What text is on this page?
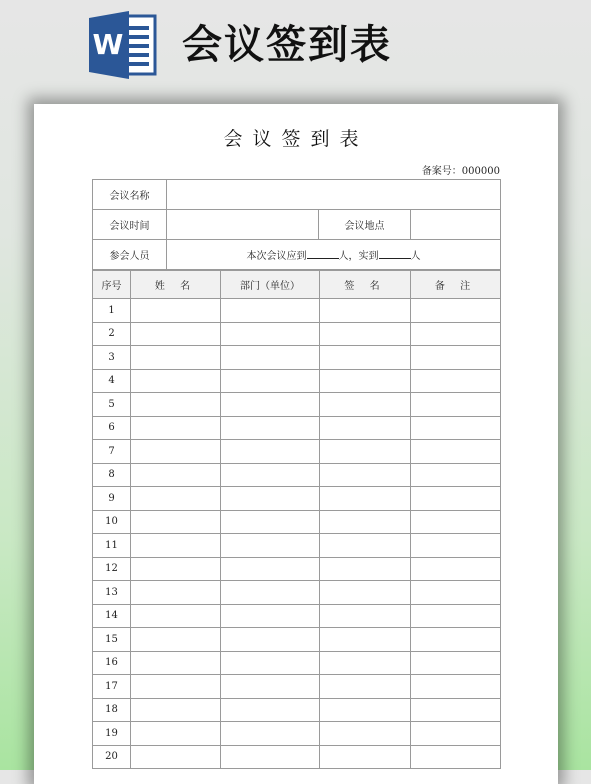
W 会议签到表
会议签到表
备案号：000000
会议名称			
会议时间		会议地点	
参会人员	本次会议应到 人，实到 人		
序号	姓 名	部门（单位）	签 名	备 注
1				
2				
3				
4				
5				
6				
7				
8				
9				
10				
11				
12				
13				
14				
15				
16				
17				
18				
19				
20				
